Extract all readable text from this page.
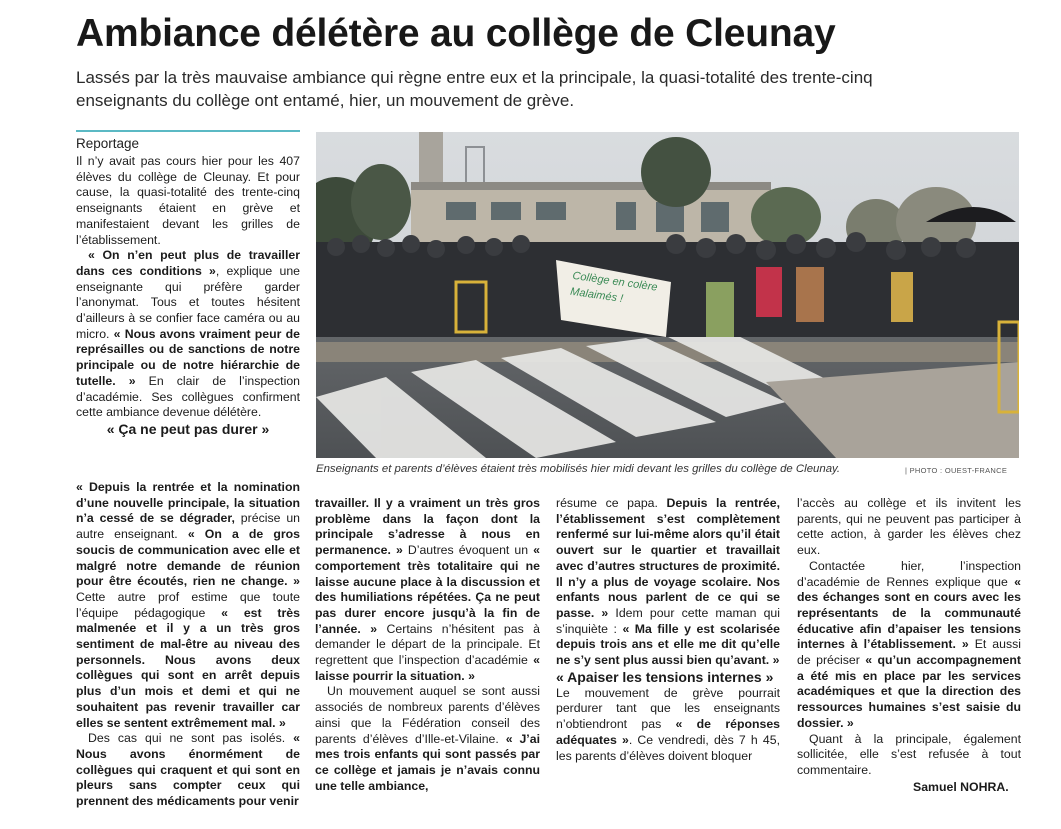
Ambiance délétère au collège de Cleunay
Lassés par la très mauvaise ambiance qui règne entre eux et la principale, la quasi-totalité des trente-cinq enseignants du collège ont entamé, hier, un mouvement de grève.
Reportage

Il n’y avait pas cours hier pour les 407 élèves du collège de Cleunay. Et pour cause, la quasi-totalité des trente-cinq enseignants étaient en grève et manifestaient devant les grilles de l’établissement.

« On n’en peut plus de travailler dans ces conditions », explique une enseignante qui préfère garder l’anonymat. Tous et toutes hésitent d’ailleurs à se confier face caméra ou au micro. « Nous avons vraiment peur de représailles ou de sanctions de notre principale ou de notre hiérarchie de tutelle. » En clair de l’inspection d’académie. Ses collègues confirment cette ambiance devenue délétère.

« Ça ne peut pas durer »

« Depuis la rentrée et la nomination d’une nouvelle principale, la situation n’a cessé de se dégrader, précise un autre enseignant. « On a de gros soucis de communication avec elle et malgré notre demande de réunion pour être écoutés, rien ne change. » Cette autre prof estime que toute l’équipe pédagogique « est très malmenée et il y a un très gros sentiment de mal-être au niveau des personnels. Nous avons deux collègues qui sont en arrêt depuis plus d’un mois et demi et qui ne souhaitent pas revenir travailler car elles se sentent extrêmement mal. »

Des cas qui ne sont pas isolés. « Nous avons énormément de collègues qui craquent et qui sont en pleurs sans compter ceux qui prennent des médicaments pour venir

Collège en colère Malaimés !
Enseignants et parents d’élèves étaient très mobilisés hier midi devant les grilles du collège de Cleunay.	| PHOTO : OUEST-FRANCE

travailler. Il y a vraiment un très gros problème dans la façon dont la principale s’adresse à nous en permanence. » D’autres évoquent un « comportement très totalitaire qui ne laisse aucune place à la discussion et des humiliations répétées. Ça ne peut pas durer encore jusqu’à la fin de l’année. » Certains n’hésitent pas à demander le départ de la principale. Et regrettent que l’inspection d’académie « laisse pourrir la situation. »

Un mouvement auquel se sont aussi associés de nombreux parents d’élèves ainsi que la Fédération conseil des parents d’élèves d’Ille-et-Vilaine. « J’ai mes trois enfants qui sont passés par ce collège et jamais je n’avais connu une telle ambiance,

résume ce papa. Depuis la rentrée, l’établissement s’est complètement renfermé sur lui-même alors qu’il était ouvert sur le quartier et travaillait avec d’autres structures de proximité. Il n’y a plus de voyage scolaire. Nos enfants nous parlent de ce qui se passe. » Idem pour cette maman qui s’inquiète : « Ma fille y est scolarisée depuis trois ans et elle me dit qu’elle ne s’y sent plus aussi bien qu’avant. »

« Apaiser les tensions internes »

Le mouvement de grève pourrait perdurer tant que les enseignants n’obtiendront pas « de réponses adéquates ». Ce vendredi, dès 7 h 45, les parents d’élèves doivent bloquer

l’accès au collège et ils invitent les parents, qui ne peuvent pas participer à cette action, à garder les élèves chez eux.

Contactée hier, l’inspection d’académie de Rennes explique que « des échanges sont en cours avec les représentants de la communauté éducative afin d’apaiser les tensions internes à l’établissement. » Et aussi de préciser « qu’un accompagnement a été mis en place par les services académiques et que la direction des ressources humaines s’est saisie du dossier. »

Quant à la principale, également sollicitée, elle s’est refusée à tout commentaire.

Samuel NOHRA.
